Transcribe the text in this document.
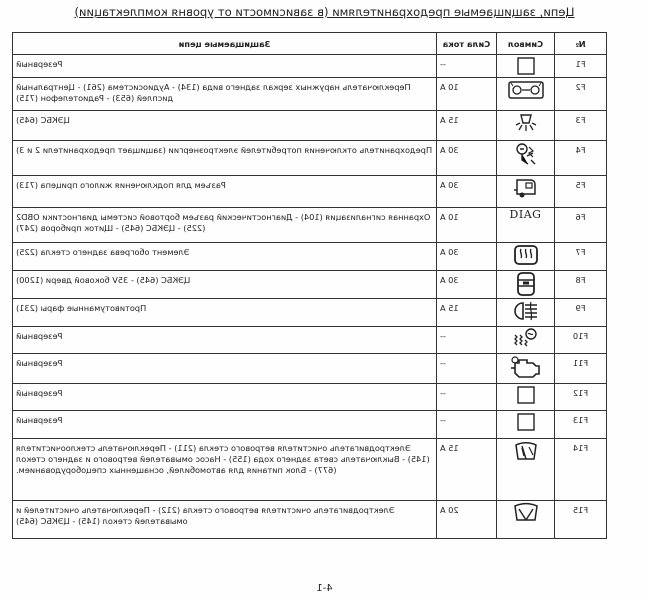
Цепи, защищаемые предохранителями (в зависимости от уровня комплектации)
Защищаемые цепи	Сила тока	Символ	№

Резервный	--		F1

Переключатель наружных зеркал заднего вида (134) - Аудиосистема (261) - Центральный дисплей (653) - Радиотелефон (715)	10 А		F2

ЦЭКБС (645)	15 А		F3

Предохранитель отключения потребителей электроэнергии (защищает предохранители 2 и 3)	30 А		F4

Разъем для подключения жилого прицепа (713)	30 А		F5

Охранная сигнализация (104) - Диагностический разъем бортовой системы диагностики OBD2 (225) - ЦЭКБС (645) - Щиток приборов (247)	10 А	DIAG	F6

Элемент обогрева заднего стекла (225)	30 А		F7

ЦЭКБС (645) - 35V боковой двери (1200)	30 А		F8

Противотуманные фары (231)	15 А		F9

Резервный	--		F10

Резервный	--		F11

Резервный	--		F12

Резервный	--		F13

Электродвигатель очистителя ветрового стекла (211) - Переключатель стеклоочистителя (145) - Выключатель света заднего хода (155) - Насос омывателей ветрового и заднего стекол (677) - Блок питания для автомобилей, оснащенных спецоборудованием.	15 А		F14

Электродвигатель очистителя ветрового стекла (212) - Переключатель очистителей и омывателей стекол (145) - ЦЭКБС (645)	20 А		F15
4-1
